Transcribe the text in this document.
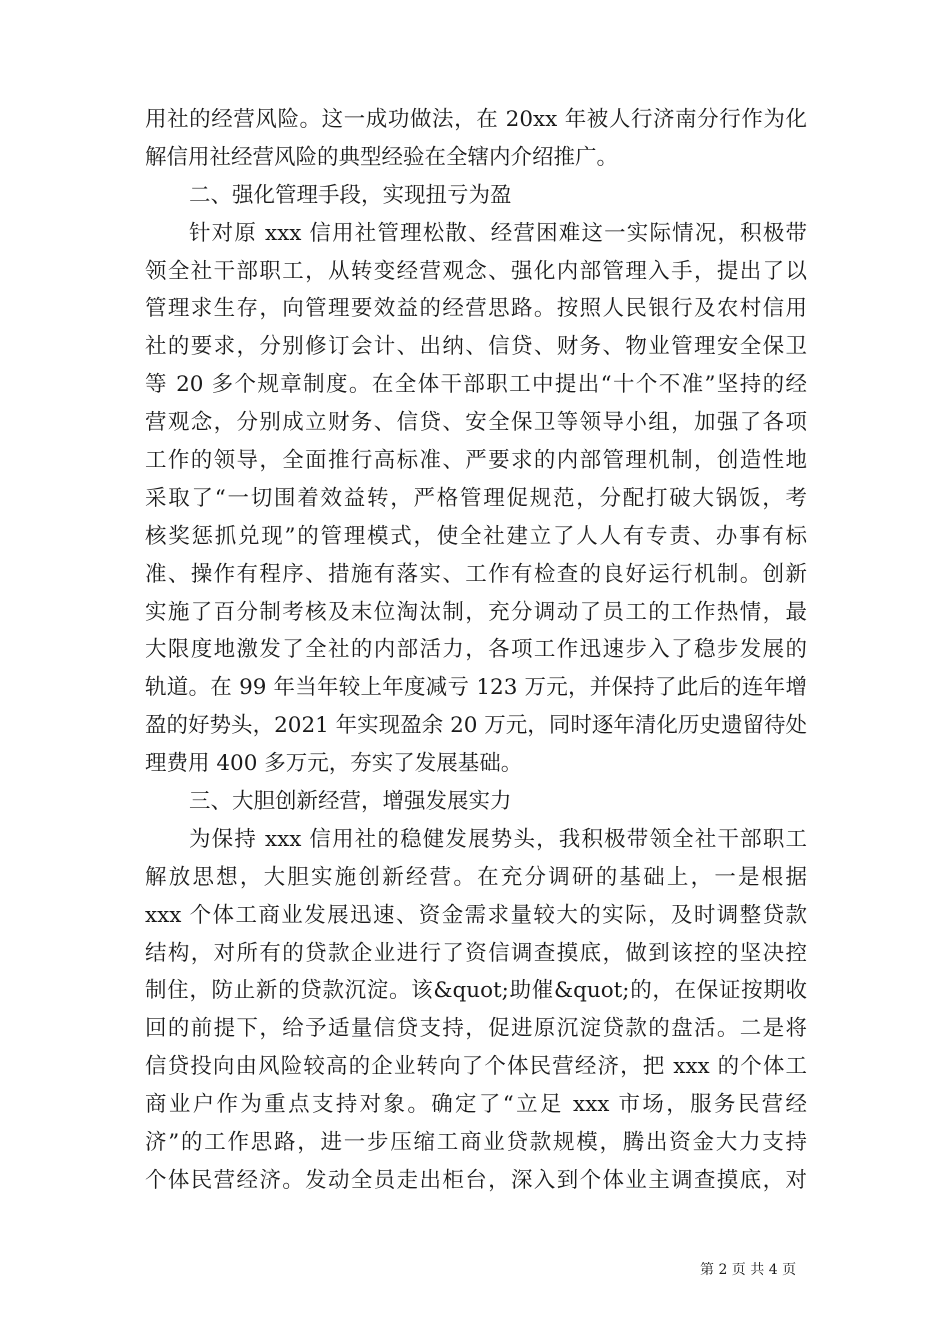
用社的经营风险。这一成功做法，在 20xx 年被人行济南分行作为化
解信用社经营风险的典型经验在全辖内介绍推广。
二、强化管理手段，实现扭亏为盈
针对原 xxx 信用社管理松散、经营困难这一实际情况，积极带
领全社干部职工，从转变经营观念、强化内部管理入手，提出了以
管理求生存，向管理要效益的经营思路。按照人民银行及农村信用
社的要求，分别修订会计、出纳、信贷、财务、物业管理安全保卫
等 20 多个规章制度。在全体干部职工中提出“十个不准”坚持的经
营观念，分别成立财务、信贷、安全保卫等领导小组，加强了各项
工作的领导，全面推行高标准、严要求的内部管理机制，创造性地
采取了“一切围着效益转，严格管理促规范，分配打破大锅饭，考
核奖惩抓兑现”的管理模式，使全社建立了人人有专责、办事有标
准、操作有程序、措施有落实、工作有检查的良好运行机制。创新
实施了百分制考核及末位淘汰制，充分调动了员工的工作热情，最
大限度地激发了全社的内部活力，各项工作迅速步入了稳步发展的
轨道。在 99 年当年较上年度减亏 123 万元，并保持了此后的连年增
盈的好势头，2021 年实现盈余 20 万元，同时逐年清化历史遗留待处
理费用 400 多万元，夯实了发展基础。
三、大胆创新经营，增强发展实力
为保持 xxx 信用社的稳健发展势头，我积极带领全社干部职工
解放思想，大胆实施创新经营。在充分调研的基础上，一是根据
xxx 个体工商业发展迅速、资金需求量较大的实际，及时调整贷款
结构，对所有的贷款企业进行了资信调查摸底，做到该控的坚决控
制住，防止新的贷款沉淀。该&quot;助催&quot;的，在保证按期收
回的前提下，给予适量信贷支持，促进原沉淀贷款的盘活。二是将
信贷投向由风险较高的企业转向了个体民营经济，把 xxx 的个体工
商业户作为重点支持对象。确定了“立足 xxx 市场，服务民营经
济”的工作思路，进一步压缩工商业贷款规模，腾出资金大力支持
个体民营经济。发动全员走出柜台，深入到个体业主调查摸底，对
第 2 页 共 4 页
